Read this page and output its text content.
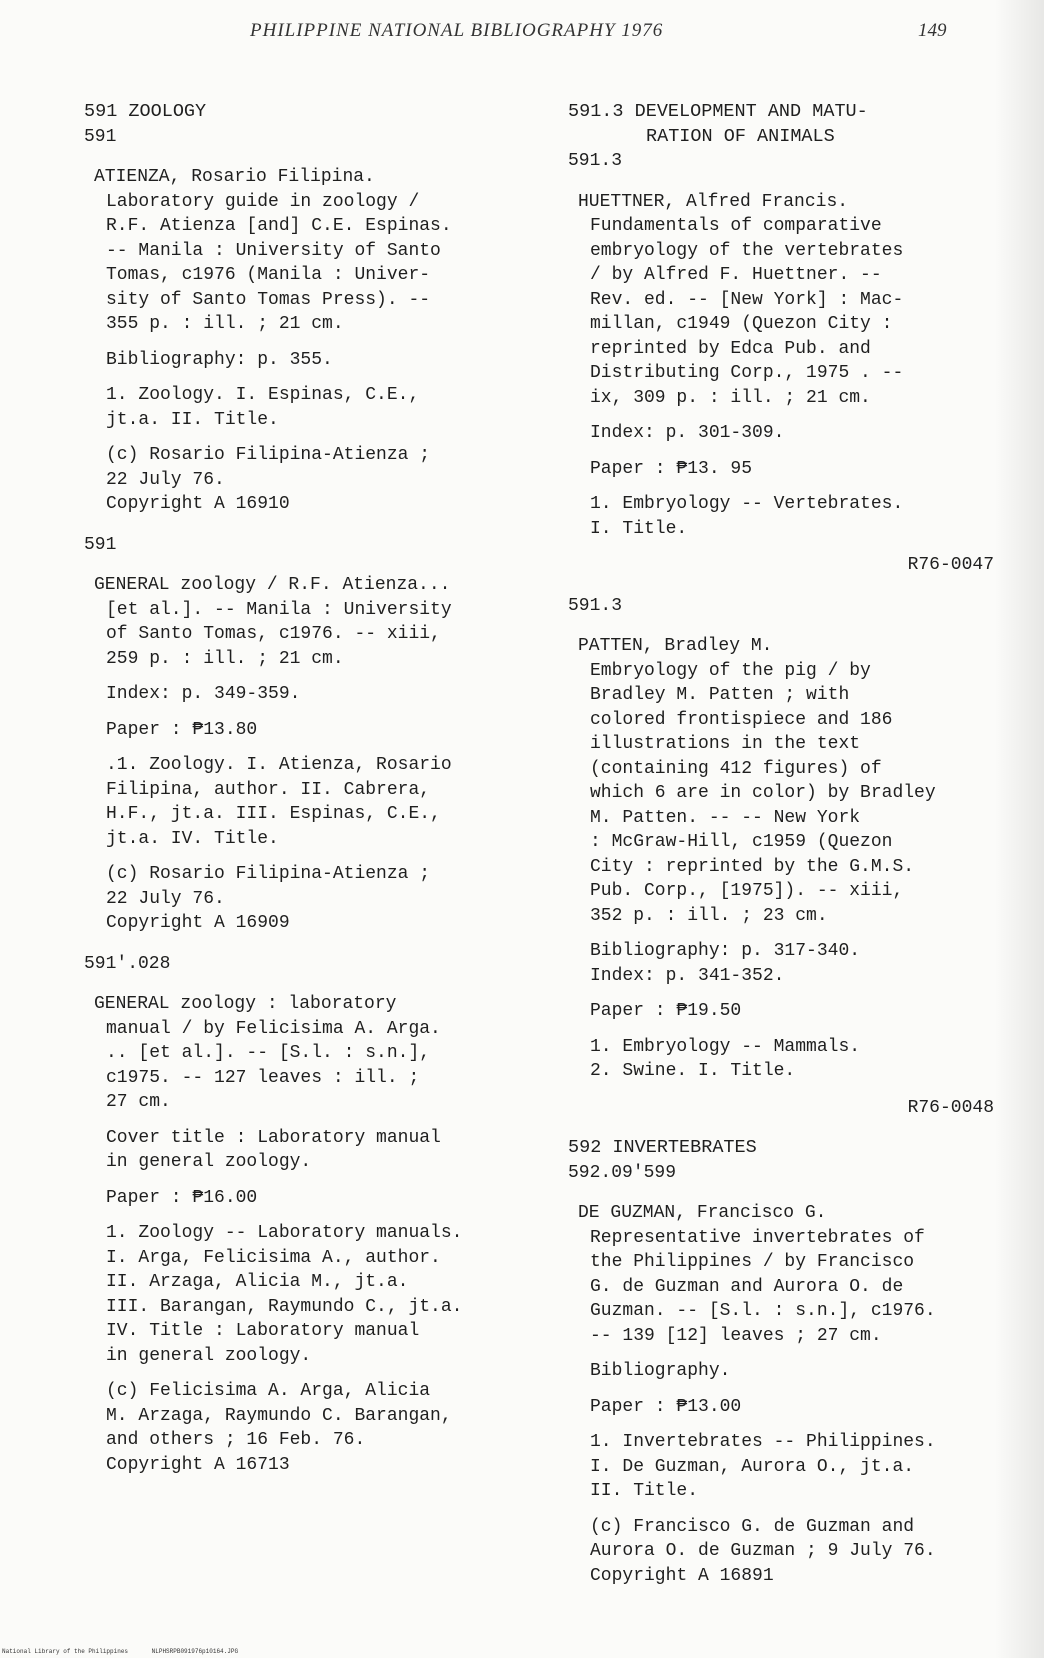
PHILIPPINE NATIONAL BIBLIOGRAPHY 1976	149
591 ZOOLOGY
591
ATIENZA, Rosario Filipina.
Laboratory guide in zoology /
R.F. Atienza [and] C.E. Espinas.
-- Manila : University of Santo
Tomas, c1976 (Manila : Univer-
sity of Santo Tomas Press). --
355 p. : ill. ; 21 cm.
Bibliography: p. 355.
1. Zoology. I. Espinas, C.E.,
jt.a. II. Title.
(c) Rosario Filipina-Atienza ;
22 July 76.
Copyright A 16910
591
GENERAL zoology / R.F. Atienza...
[et al.]. -- Manila : University
of Santo Tomas, c1976. -- xiii,
259 p. : ill. ; 21 cm.
Index: p. 349-359.
Paper : ₱13.80
.1. Zoology. I. Atienza, Rosario
Filipina, author. II. Cabrera,
H.F., jt.a. III. Espinas, C.E.,
jt.a. IV. Title.
(c) Rosario Filipina-Atienza ;
22 July 76.
Copyright A 16909
591'.028
GENERAL zoology : laboratory
manual / by Felicisima A. Arga.
.. [et al.]. -- [S.l. : s.n.],
c1975. -- 127 leaves : ill. ;
27 cm.
Cover title : Laboratory manual
in general zoology.
Paper : ₱16.00
1. Zoology -- Laboratory manuals.
I. Arga, Felicisima A., author.
II. Arzaga, Alicia M., jt.a.
III. Barangan, Raymundo C., jt.a.
IV. Title : Laboratory manual
in general zoology.
(c) Felicisima A. Arga, Alicia
M. Arzaga, Raymundo C. Barangan,
and others ; 16 Feb. 76.
Copyright A 16713
591.3 DEVELOPMENT AND MATU-
RATION OF ANIMALS
591.3
HUETTNER, Alfred Francis.
Fundamentals of comparative
embryology of the vertebrates
/ by Alfred F. Huettner. --
Rev. ed. -- [New York] : Mac-
millan, c1949 (Quezon City :
reprinted by Edca Pub. and
Distributing Corp., 1975 . --
ix, 309 p. : ill. ; 21 cm.
Index: p. 301-309.
Paper : ₱13. 95
1. Embryology -- Vertebrates.
I. Title.
R76-0047
591.3
PATTEN, Bradley M.
Embryology of the pig / by
Bradley M. Patten ; with
colored frontispiece and 186
illustrations in the text
(containing 412 figures) of
which 6 are in color) by Bradley
M. Patten. -- -- New York
: McGraw-Hill, c1959 (Quezon
City : reprinted by the G.M.S.
Pub. Corp., [1975]). -- xiii,
352 p. : ill. ; 23 cm.
Bibliography: p. 317-340.
Index: p. 341-352.
Paper : ₱19.50
1. Embryology -- Mammals.
2. Swine. I. Title.
R76-0048
592 INVERTEBRATES
592.09'599
DE GUZMAN, Francisco G.
Representative invertebrates of
the Philippines / by Francisco
G. de Guzman and Aurora O. de
Guzman. -- [S.l. : s.n.], c1976.
-- 139 [12] leaves ; 27 cm.
Bibliography.
Paper : ₱13.00
1. Invertebrates -- Philippines.
I. De Guzman, Aurora O., jt.a.
II. Title.
(c) Francisco G. de Guzman and
Aurora O. de Guzman ; 9 July 76.
Copyright A 16891
National Library of the Philippines	NLPHSRPB091976p10164.JPG
